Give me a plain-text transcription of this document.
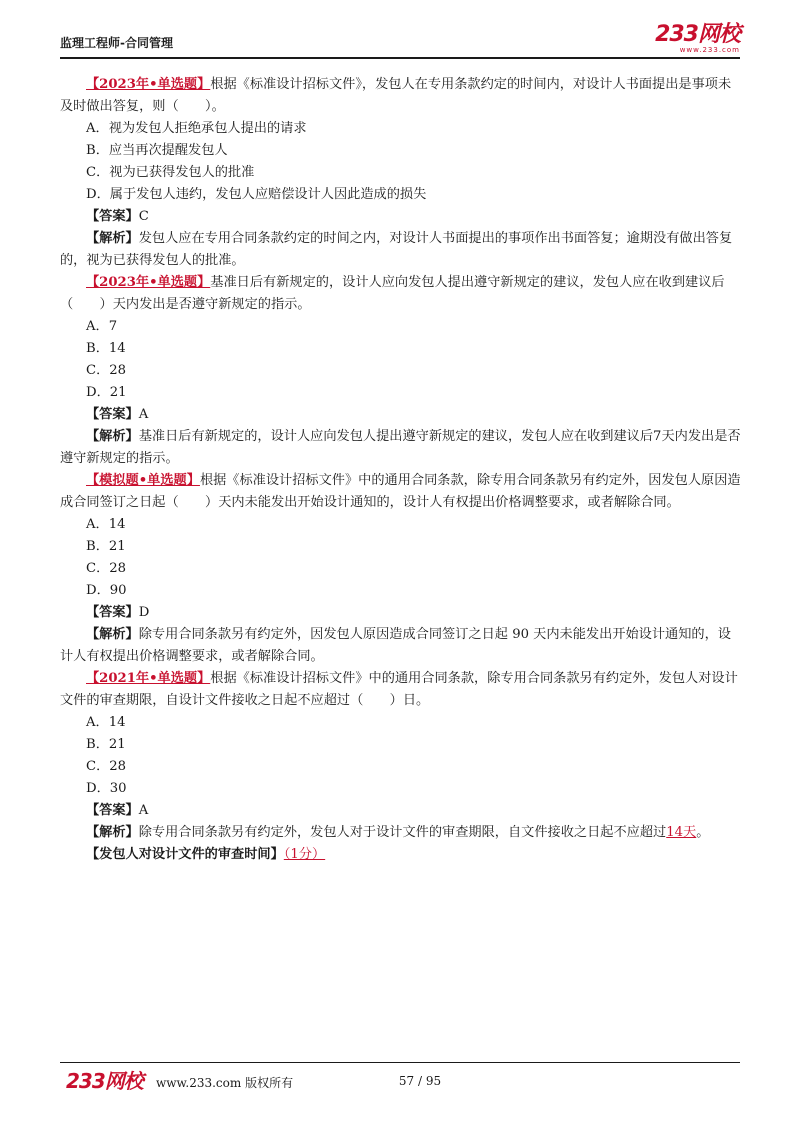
监理工程师-合同管理	233网校
www.233.com

【2023年•单选题】根据《标准设计招标文件》，发包人在专用条款约定的时间内，对设计人书面提出是事项未及时做出答复，则（　　）。

A．视为发包人拒绝承包人提出的请求

B．应当再次提醒发包人

C．视为已获得发包人的批准

D．属于发包人违约，发包人应赔偿设计人因此造成的损失

【答案】C

【解析】发包人应在专用合同条款约定的时间之内，对设计人书面提出的事项作出书面答复；逾期没有做出答复的，视为已获得发包人的批准。

【2023年•单选题】基准日后有新规定的，设计人应向发包人提出遵守新规定的建议，发包人应在收到建议后（　　）天内发出是否遵守新规定的指示。

A．7

B．14

C．28

D．21

【答案】A

【解析】基准日后有新规定的，设计人应向发包人提出遵守新规定的建议，发包人应在收到建议后7天内发出是否遵守新规定的指示。

【模拟题•单选题】根据《标准设计招标文件》中的通用合同条款，除专用合同条款另有约定外，因发包人原因造成合同签订之日起（　　）天内未能发出开始设计通知的，设计人有权提出价格调整要求，或者解除合同。

A．14

B．21

C．28

D．90

【答案】D

【解析】除专用合同条款另有约定外，因发包人原因造成合同签订之日起 90 天内未能发出开始设计通知的，设计人有权提出价格调整要求，或者解除合同。

【2021年•单选题】根据《标准设计招标文件》中的通用合同条款，除专用合同条款另有约定外，发包人对设计文件的审查期限，自设计文件接收之日起不应超过（　　）日。

A．14

B．21

C．28

D．30

【答案】A

【解析】除专用合同条款另有约定外，发包人对于设计文件的审查期限，自文件接收之日起不应超过14天。

【发包人对设计文件的审查时间】（1分）

233网校 www.233.com 版权所有	57 / 95
